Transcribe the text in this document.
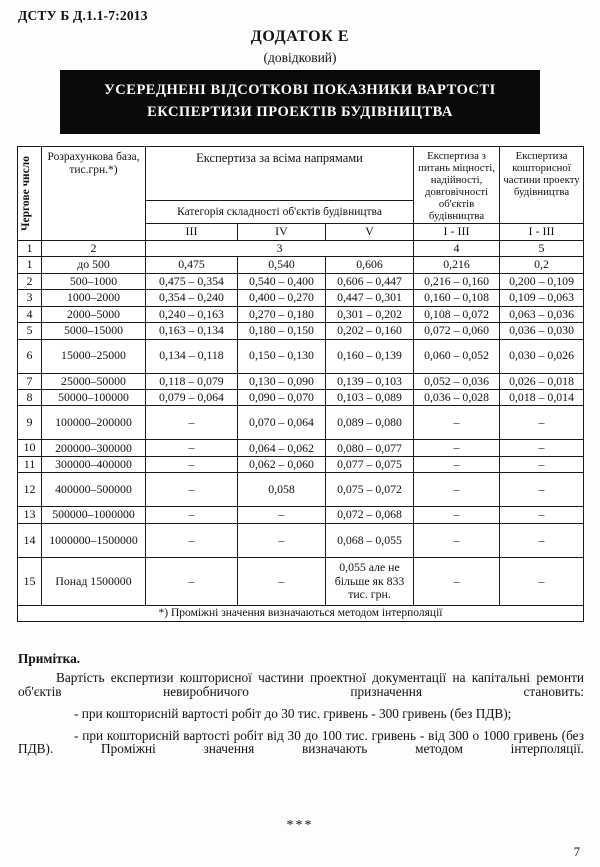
ДСТУ Б Д.1.1-7:2013
ДОДАТОК Е
(довідковий)
УСЕРЕДНЕНІ ВІДСОТКОВІ ПОКАЗНИКИ ВАРТОСТІ
ЕКСПЕРТИЗИ ПРОЕКТІВ БУДІВНИЦТВА
Чергове число	Розрахункова база, тис.грн.*)	Експертиза за всіма напрямами			Експертиза з питань міцності, надійності, довговічності об'єктів будівництва	Експертиза кошторисної частини проекту будівництва
		Категорія складності об'єктів будівництва				
		III	IV	V	I - III	I - III
1	2	3			4	5
1	до 500	0,475	0,540	0,606	0,216	0,2
2	500–1000	0,475 – 0,354	0,540 – 0,400	0,606 – 0,447	0,216 – 0,160	0,200 – 0,109
3	1000–2000	0,354 – 0,240	0,400 – 0,270	0,447 – 0,301	0,160 – 0,108	0,109 – 0,063
4	2000–5000	0,240 – 0,163	0,270 – 0,180	0,301 – 0,202	0,108 – 0,072	0,063 – 0,036
5	5000–15000	0,163 – 0,134	0,180 – 0,150	0,202 – 0,160	0,072 – 0,060	0,036 – 0,030
6	15000–25000	0,134 – 0,118	0,150 – 0,130	0,160 – 0,139	0,060 – 0,052	0,030 – 0,026
7	25000–50000	0,118 – 0,079	0,130 – 0,090	0,139 – 0,103	0,052 – 0,036	0,026 – 0,018
8	50000–100000	0,079 – 0,064	0,090 – 0,070	0,103 – 0,089	0,036 – 0,028	0,018 – 0,014
9	100000–200000	–	0,070 – 0,064	0,089 – 0,080	–	–
10	200000–300000	–	0,064 – 0,062	0,080 – 0,077	–	–
11	300000–400000	–	0,062 – 0,060	0,077 – 0,075	–	–
12	400000–500000	–	0,058	0,075 – 0,072	–	–
13	500000–1000000	–	–	0,072 – 0,068	–	–
14	1000000–1500000	–	–	0,068 – 0,055	–	–
15	Понад 1500000	–	–	0,055 але не більше як 833 тис. грн.	–	–
*) Проміжні значення визначаються методом інтерполяції						
Примітка.

Вартість експертизи кошторисної частини проектної документації на капітальні ремонти об'єктів невиробничого призначення становить:

- при кошторисній вартості робіт до 30 тис. гривень - 300 гривень (без ПДВ);

- при кошторисній вартості робіт від 30 до 100 тис. гривень - від 300 о 1000 гривень (без ПДВ). Проміжні значення визначають методом інтерполяції.

***
7
